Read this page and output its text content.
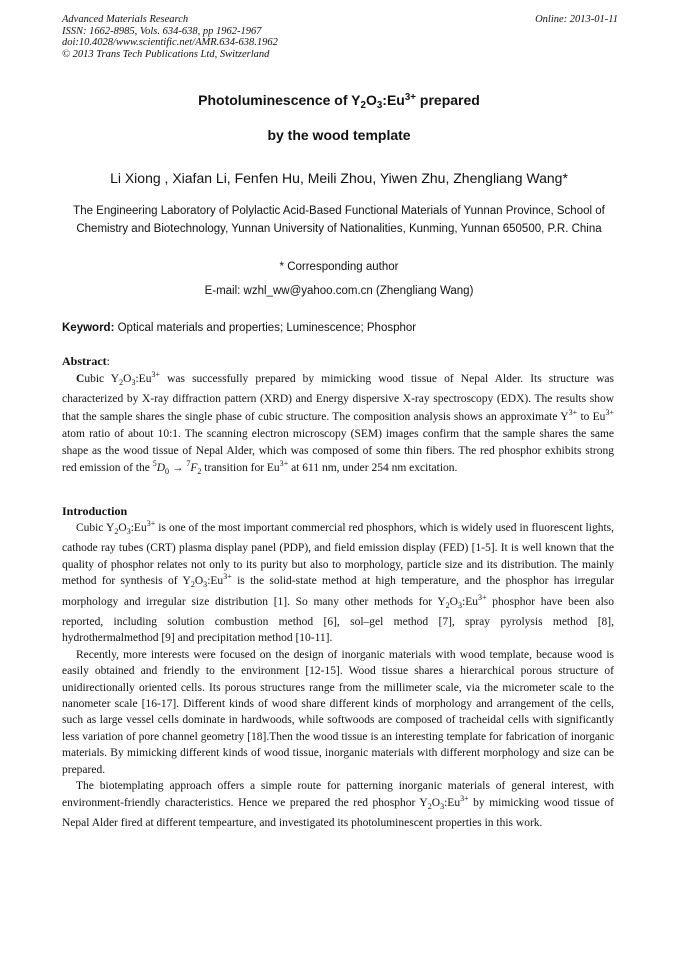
Advanced Materials Research
ISSN: 1662-8985, Vols. 634-638, pp 1962-1967
doi:10.4028/www.scientific.net/AMR.634-638.1962
© 2013 Trans Tech Publications Ltd, Switzerland
Online: 2013-01-11
Photoluminescence of $Y_2O_3:Eu^{3+}$ prepared
by the wood template
Li Xiong , Xiafan Li, Fenfen Hu, Meili Zhou, Yiwen Zhu, Zhengliang Wang*
The Engineering Laboratory of Polylactic Acid-Based Functional Materials of Yunnan Province, School of Chemistry and Biotechnology, Yunnan University of Nationalities, Kunming, Yunnan 650500, P.R. China
* Corresponding author
E-mail: wzhl_ww@yahoo.com.cn (Zhengliang Wang)
Keyword: Optical materials and properties; Luminescence; Phosphor
Abstract:

Cubic $Y_2O_3:Eu^{3+}$ was successfully prepared by mimicking wood tissue of Nepal Alder. Its structure was characterized by X-ray diffraction pattern (XRD) and Energy dispersive X-ray spectroscopy (EDX). The results show that the sample shares the single phase of cubic structure. The composition analysis shows an approximate $Y^{3+}$ to $Eu^{3+}$ atom ratio of about 10:1. The scanning electron microscopy (SEM) images confirm that the sample shares the same shape as the wood tissue of Nepal Alder, which was composed of some thin fibers. The red phosphor exhibits strong red emission of the $^5D_0 \to ^7F_2$ transition for $Eu^{3+}$ at 611 nm, under 254 nm excitation.

Introduction

Cubic $Y_2O_3:Eu^{3+}$ is one of the most important commercial red phosphors, which is widely used in fluorescent lights, cathode ray tubes (CRT) plasma display panel (PDP), and field emission display (FED) [1-5]. It is well known that the quality of phosphor relates not only to its purity but also to morphology, particle size and its distribution. The mainly method for synthesis of $Y_2O_3:Eu^{3+}$ is the solid-state method at high temperature, and the phosphor has irregular morphology and irregular size distribution [1]. So many other methods for $Y_2O_3:Eu^{3+}$ phosphor have been also reported, including solution combustion method [6], sol–gel method [7], spray pyrolysis method [8], hydrothermalmethod [9] and precipitation method [10-11].

Recently, more interests were focused on the design of inorganic materials with wood template, because wood is easily obtained and friendly to the environment [12-15]. Wood tissue shares a hierarchical porous structure of unidirectionally oriented cells. Its porous structures range from the millimeter scale, via the micrometer scale to the nanometer scale [16-17]. Different kinds of wood share different kinds of morphology and arrangement of the cells, such as large vessel cells dominate in hardwoods, while softwoods are composed of tracheidal cells with significantly less variation of pore channel geometry [18].Then the wood tissue is an interesting template for fabrication of inorganic materials. By mimicking different kinds of wood tissue, inorganic materials with different morphology and size can be prepared.

The biotemplating approach offers a simple route for patterning inorganic materials of general interest, with environment-friendly characteristics. Hence we prepared the red phosphor $Y_2O_3:Eu^{3+}$ by mimicking wood tissue of Nepal Alder fired at different tempearture, and investigated its photoluminescent properties in this work.
